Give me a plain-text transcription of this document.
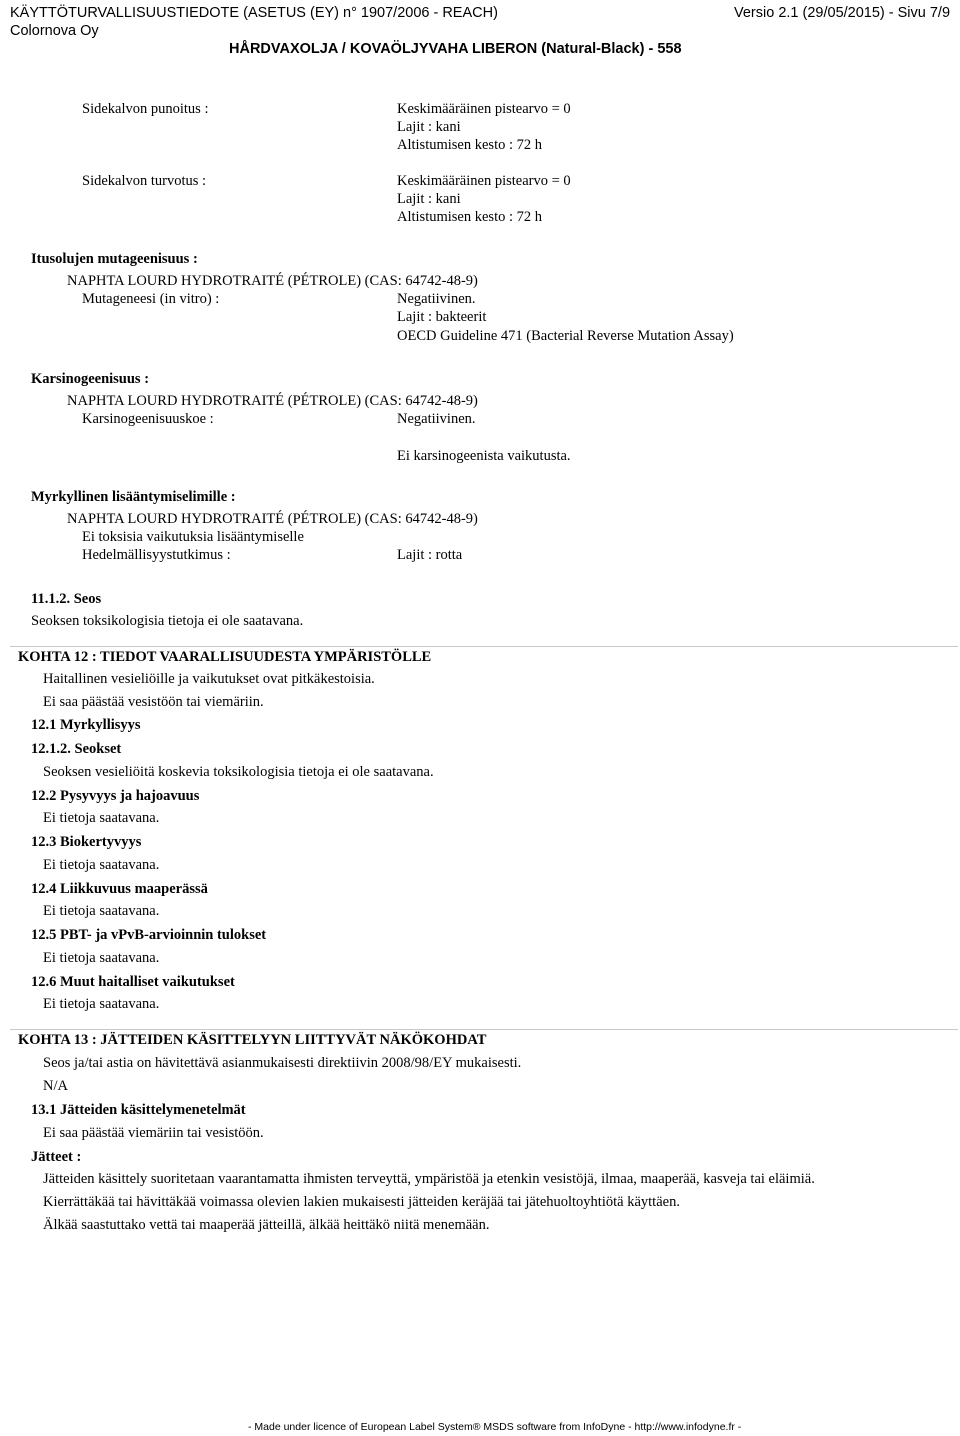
KÄYTTÖTURVALLISUUSTIEDOTE (ASETUS (EY) n° 1907/2006 - REACH)	Versio 2.1 (29/05/2015) - Sivu 7/9
Colornova Oy
HÅRDVAXOLJA / KOVAÖLJYVAHA LIBERON (Natural-Black) - 558
Sidekalvon punoitus :	Keskimääräinen pistearvo = 0
Lajit : kani
Altistumisen kesto : 72 h
Sidekalvon turvotus :	Keskimääräinen pistearvo = 0
Lajit : kani
Altistumisen kesto : 72 h
Itusolujen mutageenisuus :
NAPHTA LOURD HYDROTRAITÉ (PÉTROLE) (CAS: 64742-48-9)
Mutageneesi (in vitro) :	Negatiivinen.
Lajit : bakteerit
OECD Guideline 471 (Bacterial Reverse Mutation Assay)
Karsinogeenisuus :
NAPHTA LOURD HYDROTRAITÉ (PÉTROLE) (CAS: 64742-48-9)
Karsinogeenisuuskoe :	Negatiivinen.
Ei karsinogeenista vaikutusta.
Myrkyllinen lisääntymiselimille :
NAPHTA LOURD HYDROTRAITÉ (PÉTROLE) (CAS: 64742-48-9)
Ei toksisia vaikutuksia lisääntymiselle
Hedelmällisyystutkimus :	Lajit : rotta
11.1.2. Seos
Seoksen toksikologisia tietoja ei ole saatavana.
KOHTA 12 : TIEDOT VAARALLISUUDESTA YMPÄRISTÖLLE
Haitallinen vesieliöille ja vaikutukset ovat pitkäkestoisia.
Ei saa päästää vesistöön tai viemäriin.
12.1 Myrkyllisyys
12.1.2. Seokset
Seoksen vesieliöitä koskevia toksikologisia tietoja ei ole saatavana.
12.2 Pysyvyys ja hajoavuus
Ei tietoja saatavana.
12.3 Biokertyvyys
Ei tietoja saatavana.
12.4 Liikkuvuus maaperässä
Ei tietoja saatavana.
12.5 PBT- ja vPvB-arvioinnin tulokset
Ei tietoja saatavana.
12.6 Muut haitalliset vaikutukset
Ei tietoja saatavana.
KOHTA 13 : JÄTTEIDEN KÄSITTELYYN LIITTYVÄT NÄKÖKOHDAT
Seos ja/tai astia on hävitettävä asianmukaisesti direktiivin 2008/98/EY mukaisesti.
N/A
13.1 Jätteiden käsittelymenetelmät
Ei saa päästää viemäriin tai vesistöön.
Jätteet :
Jätteiden käsittely suoritetaan vaarantamatta ihmisten terveyttä, ympäristöä ja etenkin vesistöjä, ilmaa, maaperää, kasveja tai eläimiä.
Kierrättäkää tai hävittäkää voimassa olevien lakien mukaisesti jätteiden keräjää tai jätehuoltoyhtiötä käyttäen.
Älkää saastuttako vettä tai maaperää jätteillä, älkää heittäkö niitä menemään.
- Made under licence of European Label System® MSDS software from InfoDyne - http://www.infodyne.fr -
